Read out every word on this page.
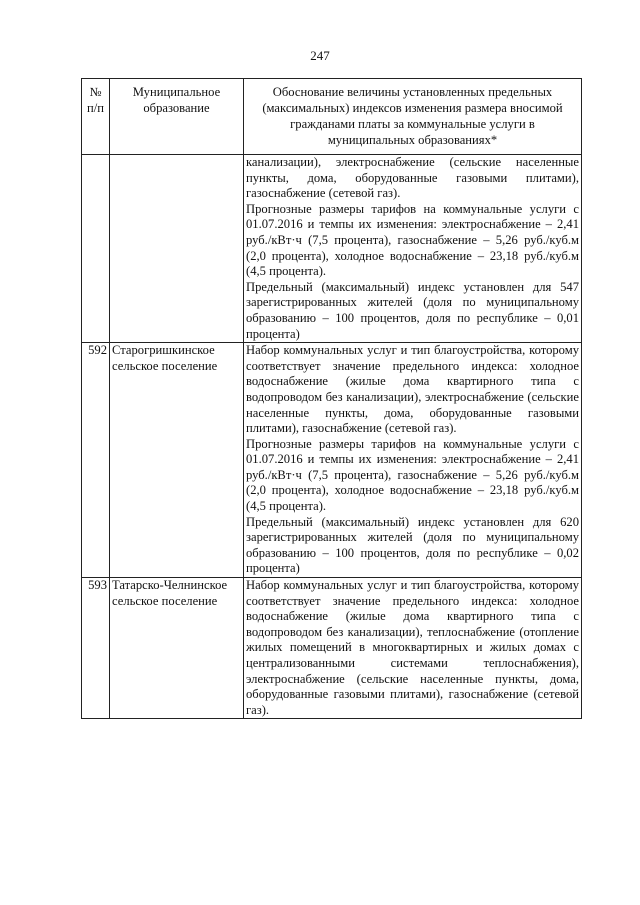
247
№ п/п	Муниципальное образование	Обоснование величины установленных предельных (максимальных) индексов изменения размера вносимой гражданами платы за коммунальные услуги в муниципальных образованиях*

		канализации), электроснабжение (сельские населенные пункты, дома, оборудованные газовыми плитами), газоснабжение (сетевой газ).

Прогнозные размеры тарифов на коммунальные услуги с 01.07.2016 и темпы их изменения: электроснабжение – 2,41 руб./кВт·ч (7,5 процента), газоснабжение – 5,26 руб./куб.м (2,0 процента), холодное водоснабжение – 23,18 руб./куб.м (4,5 процента).

Предельный (максимальный) индекс установлен для 547 зарегистрированных жителей (доля по муниципальному образованию – 100 процентов, доля по республике – 0,01 процента)

592	Старогришкинское сельское поселение	Набор коммунальных услуг и тип благоустройства, которому соответствует значение предельного индекса: холодное водоснабжение (жилые дома квартирного типа с водопроводом без канализации), электроснабжение (сельские населенные пункты, дома, оборудованные газовыми плитами), газоснабжение (сетевой газ).

Прогнозные размеры тарифов на коммунальные услуги с 01.07.2016 и темпы их изменения: электроснабжение – 2,41 руб./кВт·ч (7,5 процента), газоснабжение – 5,26 руб./куб.м (2,0 процента), холодное водоснабжение – 23,18 руб./куб.м (4,5 процента).

Предельный (максимальный) индекс установлен для 620 зарегистрированных жителей (доля по муниципальному образованию – 100 процентов, доля по республике – 0,02 процента)

593	Татарско-Челнинское сельское поселение	Набор коммунальных услуг и тип благоустройства, которому соответствует значение предельного индекса: холодное водоснабжение (жилые дома квартирного типа с водопроводом без канализации), теплоснабжение (отопление жилых помещений в многоквартирных и жилых домах с централизованными системами теплоснабжения), электроснабжение (сельские населенные пункты, дома, оборудованные газовыми плитами), газоснабжение (сетевой газ).
